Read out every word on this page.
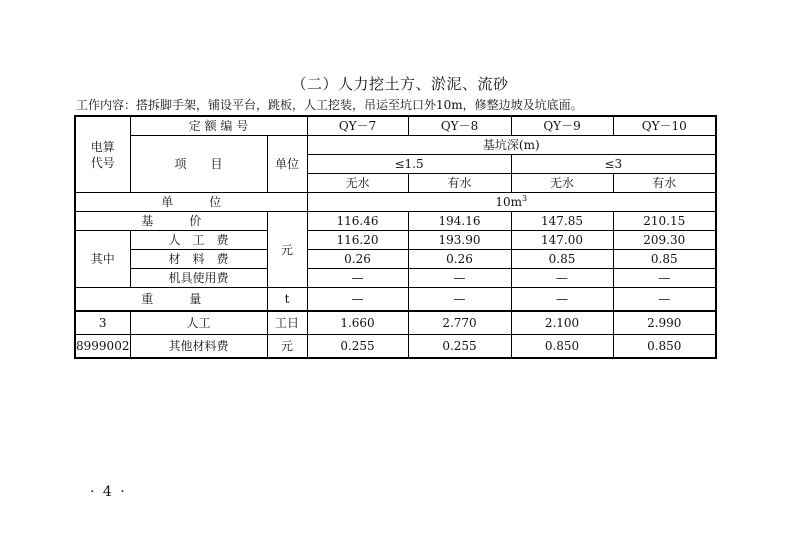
（二）人力挖土方、淤泥、流砂
工作内容：搭拆脚手架，铺设平台，跳板，人工挖装，吊运至坑口外10m，修整边坡及坑底面。
电算代号	定 额 编 号		QY－7	QY－8	QY－9	QY－10
	项　　目	单位	基坑深(m)			
			≤1.5		≤3	
			无水	有水	无水	有水
单　　　位			$10m^3$
基　　　价		元	116.46	194.16	147.85	210.15
其中	人　工　费		116.20	193.90	147.00	209.30
	材　料　费		0.26	0.26	0.85	0.85
	机具使用费		—	—	—	—
重　　　量		t	—	—	—	—
3	人工	工日	1.660	2.770	2.100	2.990
8999002	其他材料费	元	0.255	0.255	0.850	0.850
· 4 ·
